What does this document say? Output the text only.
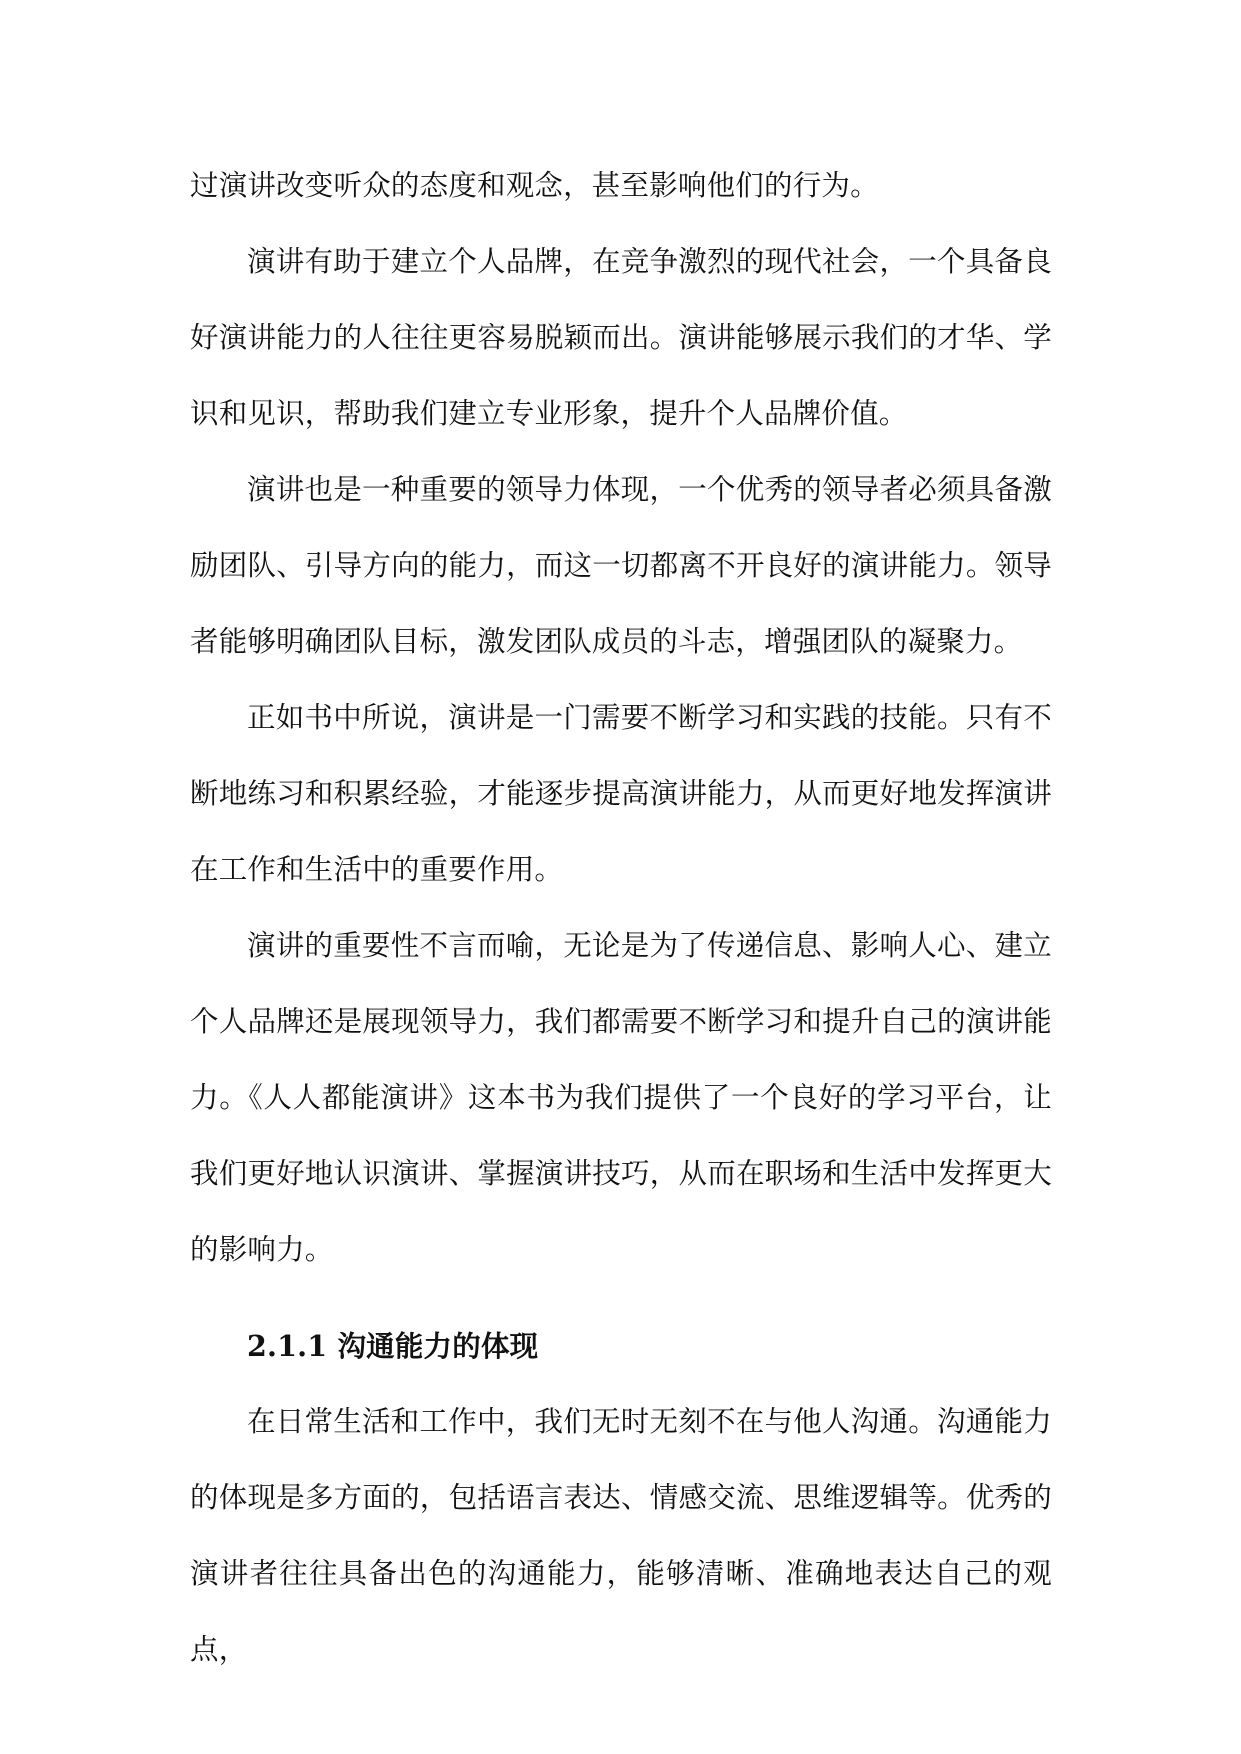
过演讲改变听众的态度和观念，甚至影响他们的行为。

演讲有助于建立个人品牌，在竞争激烈的现代社会，一个具备良好演讲能力的人往往更容易脱颖而出。演讲能够展示我们的才华、学识和见识，帮助我们建立专业形象，提升个人品牌价值。

演讲也是一种重要的领导力体现，一个优秀的领导者必须具备激励团队、引导方向的能力，而这一切都离不开良好的演讲能力。领导者能够明确团队目标，激发团队成员的斗志，增强团队的凝聚力。

正如书中所说，演讲是一门需要不断学习和实践的技能。只有不断地练习和积累经验，才能逐步提高演讲能力，从而更好地发挥演讲在工作和生活中的重要作用。

演讲的重要性不言而喻，无论是为了传递信息、影响人心、建立个人品牌还是展现领导力，我们都需要不断学习和提升自己的演讲能力。《人人都能演讲》这本书为我们提供了一个良好的学习平台，让我们更好地认识演讲、掌握演讲技巧，从而在职场和生活中发挥更大的影响力。

2.1.1 沟通能力的体现

在日常生活和工作中，我们无时无刻不在与他人沟通。沟通能力的体现是多方面的，包括语言表达、情感交流、思维逻辑等。优秀的演讲者往往具备出色的沟通能力，能够清晰、准确地表达自己的观点，
